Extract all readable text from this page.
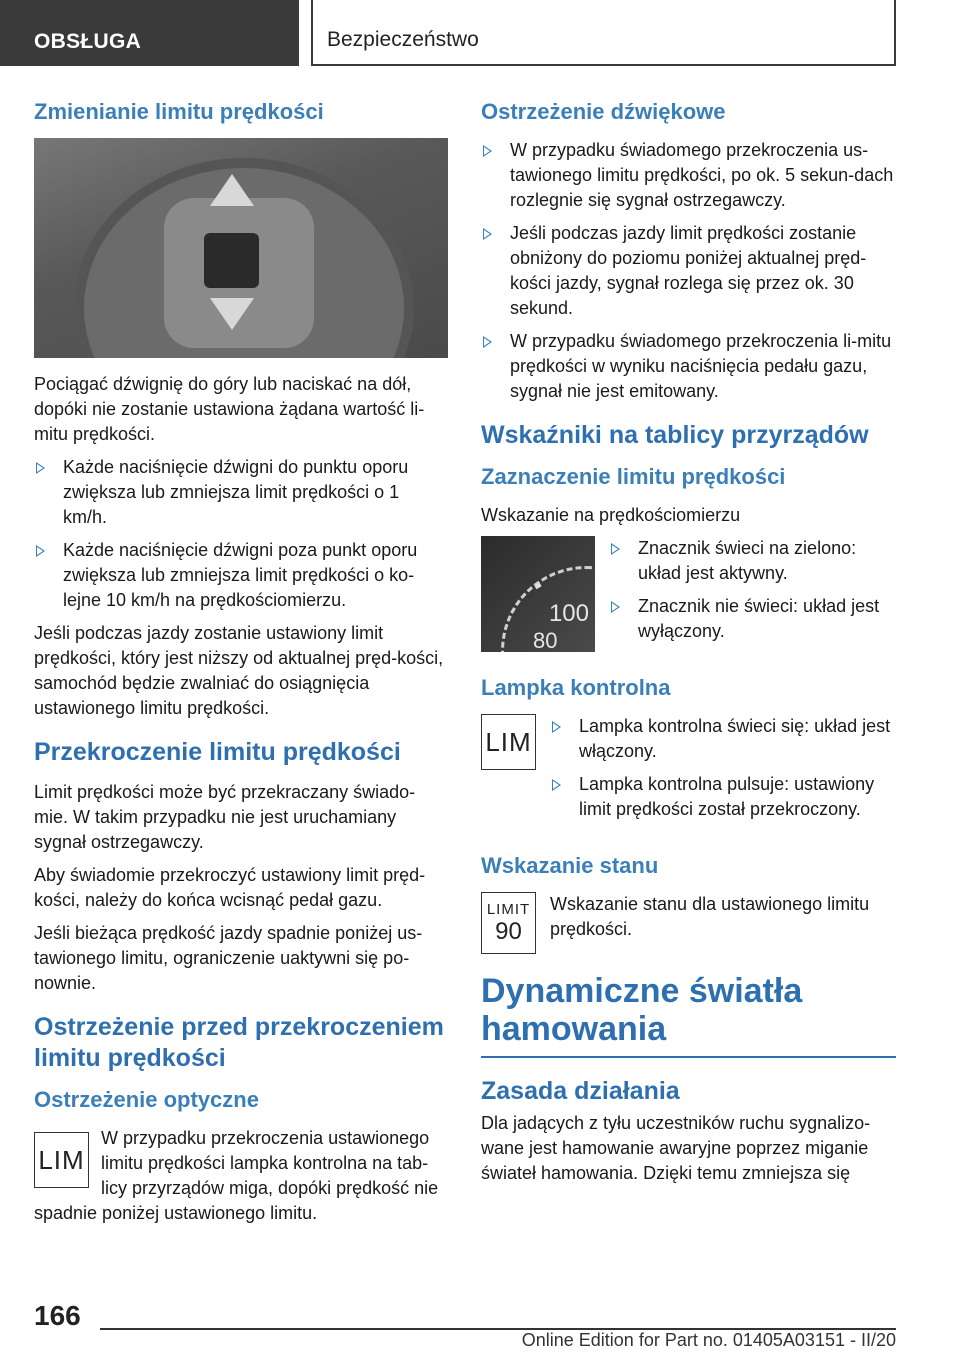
OBSŁUGA	Bezpieczeństwo
Zmienianie limitu prędkości

Pociągać dźwignię do góry lub naciskać na dół, dopóki nie zostanie ustawiona żądana wartość li‐mitu prędkości.

Każde naciśnięcie dźwigni do punktu oporu zwiększa lub zmniejsza limit prędkości o 1 km/h.
Każde naciśnięcie dźwigni poza punkt oporu zwiększa lub zmniejsza limit prędkości o ko‐lejne 10 km/h na prędkościomierzu.

Jeśli podczas jazdy zostanie ustawiony limit prędkości, który jest niższy od aktualnej pręd‐kości, samochód będzie zwalniać do osiągnięcia ustawionego limitu prędkości.

Przekroczenie limitu prędkości

Limit prędkości może być przekraczany świado‐mie. W takim przypadku nie jest uruchamiany sygnał ostrzegawczy.

Aby świadomie przekroczyć ustawiony limit pręd‐kości, należy do końca wcisnąć pedał gazu.

Jeśli bieżąca prędkość jazdy spadnie poniżej us‐tawionego limitu, ograniczenie uaktywni się po‐nownie.

Ostrzeżenie przed przekroczeniem limitu prędkości
Ostrzeżenie optyczne
LIM

W przypadku przekroczenia ustawionego limitu prędkości lampka kontrolna na tab‐licy przyrządów miga, dopóki prędkość nie spadnie poniżej ustawionego limitu.

Ostrzeżenie dźwiękowe
W przypadku świadomego przekroczenia us‐tawionego limitu prędkości, po ok. 5 sekun‐dach rozlegnie się sygnał ostrzegawczy.
Jeśli podczas jazdy limit prędkości zostanie obniżony do poziomu poniżej aktualnej pręd‐kości jazdy, sygnał rozlega się przez ok. 30 sekund.
W przypadku świadomego przekroczenia li‐mitu prędkości w wyniku naciśnięcia pedału gazu, sygnał nie jest emitowany.
Wskaźniki na tablicy przyrządów
Zaznaczenie limitu prędkości

Wskazanie na prędkościomierzu

100
80
Znacznik świeci na zielono: układ jest aktywny.
Znacznik nie świeci: układ jest wyłączony.
Lampka kontrolna
LIM
Lampka kontrolna świeci się: układ jest włączony.
Lampka kontrolna pulsuje: ustawiony limit prędkości został przekroczony.
Wskazanie stanu
LIMIT
90

Wskazanie stanu dla ustawionego limitu prędkości.

Dynamiczne światła hamowania
Zasada działania

Dla jadących z tyłu uczestników ruchu sygnalizo‐wane jest hamowanie awaryjne poprzez miganie świateł hamowania. Dzięki temu zmniejsza się

166
Online Edition for Part no. 01405A03151 - II/20
